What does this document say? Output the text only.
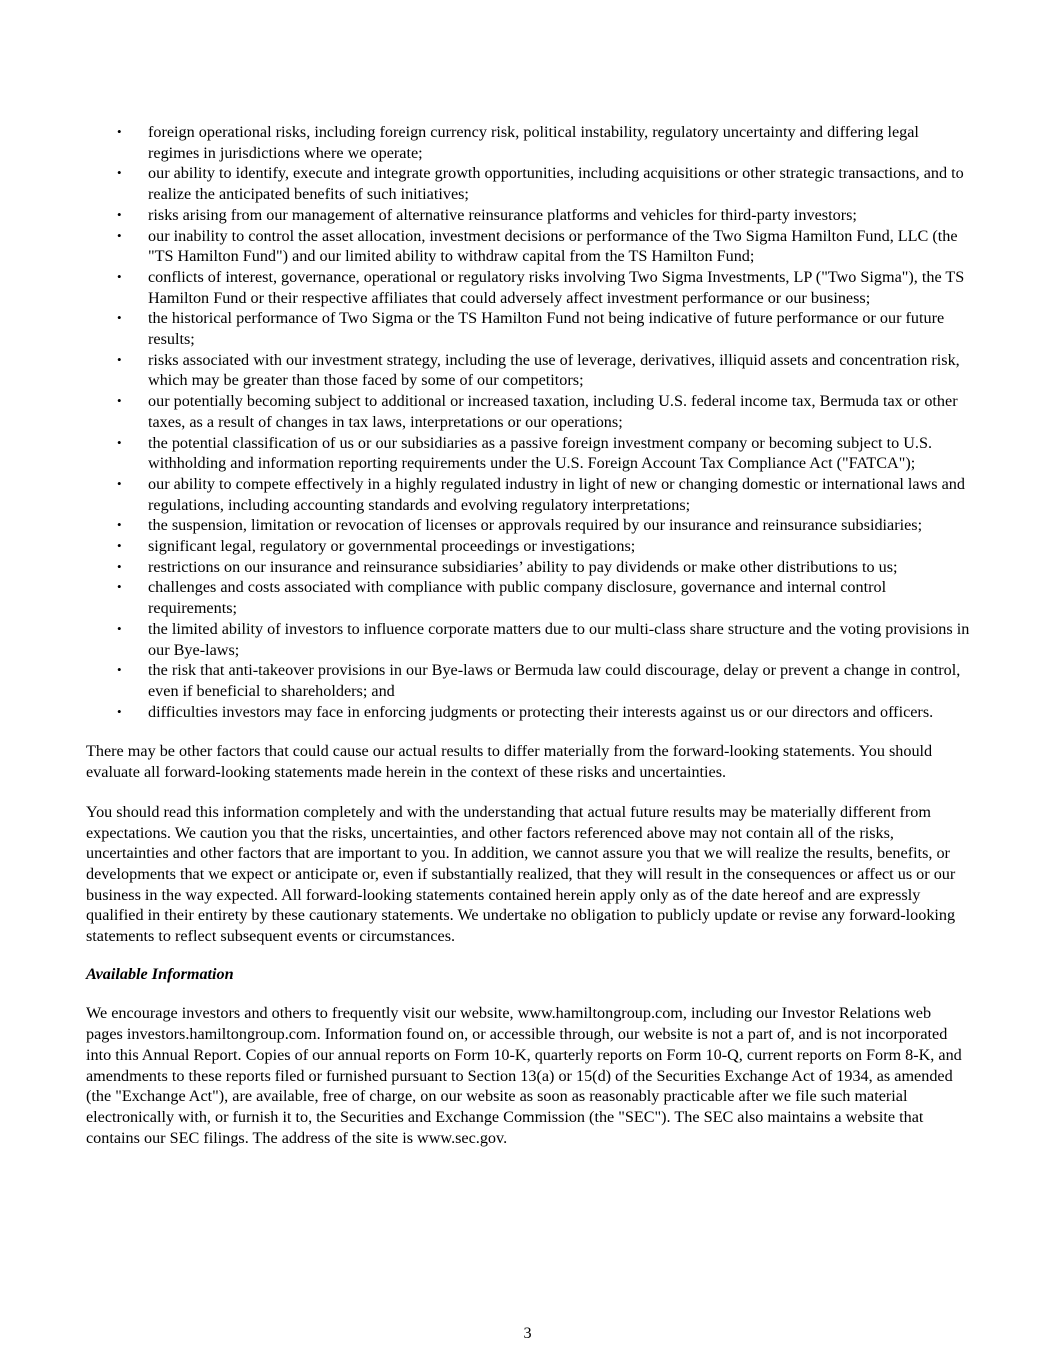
• foreign operational risks, including foreign currency risk, political instability, regulatory uncertainty and differing legal regimes in jurisdictions where we operate;
• our ability to identify, execute and integrate growth opportunities, including acquisitions or other strategic transactions, and to realize the anticipated benefits of such initiatives;
• risks arising from our management of alternative reinsurance platforms and vehicles for third-party investors;
• our inability to control the asset allocation, investment decisions or performance of the Two Sigma Hamilton Fund, LLC (the "TS Hamilton Fund") and our limited ability to withdraw capital from the TS Hamilton Fund;
• conflicts of interest, governance, operational or regulatory risks involving Two Sigma Investments, LP ("Two Sigma"), the TS Hamilton Fund or their respective affiliates that could adversely affect investment performance or our business;
• the historical performance of Two Sigma or the TS Hamilton Fund not being indicative of future performance or our future results;
• risks associated with our investment strategy, including the use of leverage, derivatives, illiquid assets and concentration risk, which may be greater than those faced by some of our competitors;
• our potentially becoming subject to additional or increased taxation, including U.S. federal income tax, Bermuda tax or other taxes, as a result of changes in tax laws, interpretations or our operations;
• the potential classification of us or our subsidiaries as a passive foreign investment company or becoming subject to U.S. withholding and information reporting requirements under the U.S. Foreign Account Tax Compliance Act ("FATCA");
• our ability to compete effectively in a highly regulated industry in light of new or changing domestic or international laws and regulations, including accounting standards and evolving regulatory interpretations;
• the suspension, limitation or revocation of licenses or approvals required by our insurance and reinsurance subsidiaries;
• significant legal, regulatory or governmental proceedings or investigations;
• restrictions on our insurance and reinsurance subsidiaries’ ability to pay dividends or make other distributions to us;
• challenges and costs associated with compliance with public company disclosure, governance and internal control requirements;
• the limited ability of investors to influence corporate matters due to our multi-class share structure and the voting provisions in our Bye-laws;
• the risk that anti-takeover provisions in our Bye-laws or Bermuda law could discourage, delay or prevent a change in control, even if beneficial to shareholders; and
• difficulties investors may face in enforcing judgments or protecting their interests against us or our directors and officers.

There may be other factors that could cause our actual results to differ materially from the forward-looking statements. You should evaluate all forward-looking statements made herein in the context of these risks and uncertainties.

You should read this information completely and with the understanding that actual future results may be materially different from expectations. We caution you that the risks, uncertainties, and other factors referenced above may not contain all of the risks, uncertainties and other factors that are important to you. In addition, we cannot assure you that we will realize the results, benefits, or developments that we expect or anticipate or, even if substantially realized, that they will result in the consequences or affect us or our business in the way expected. All forward-looking statements contained herein apply only as of the date hereof and are expressly qualified in their entirety by these cautionary statements. We undertake no obligation to publicly update or revise any forward-looking statements to reflect subsequent events or circumstances.

Available Information

We encourage investors and others to frequently visit our website, www.hamiltongroup.com, including our Investor Relations web pages investors.hamiltongroup.com. Information found on, or accessible through, our website is not a part of, and is not incorporated into this Annual Report. Copies of our annual reports on Form 10-K, quarterly reports on Form 10-Q, current reports on Form 8-K, and amendments to these reports filed or furnished pursuant to Section 13(a) or 15(d) of the Securities Exchange Act of 1934, as amended (the "Exchange Act"), are available, free of charge, on our website as soon as reasonably practicable after we file such material electronically with, or furnish it to, the Securities and Exchange Commission (the "SEC"). The SEC also maintains a website that contains our SEC filings. The address of the site is www.sec.gov.

3
